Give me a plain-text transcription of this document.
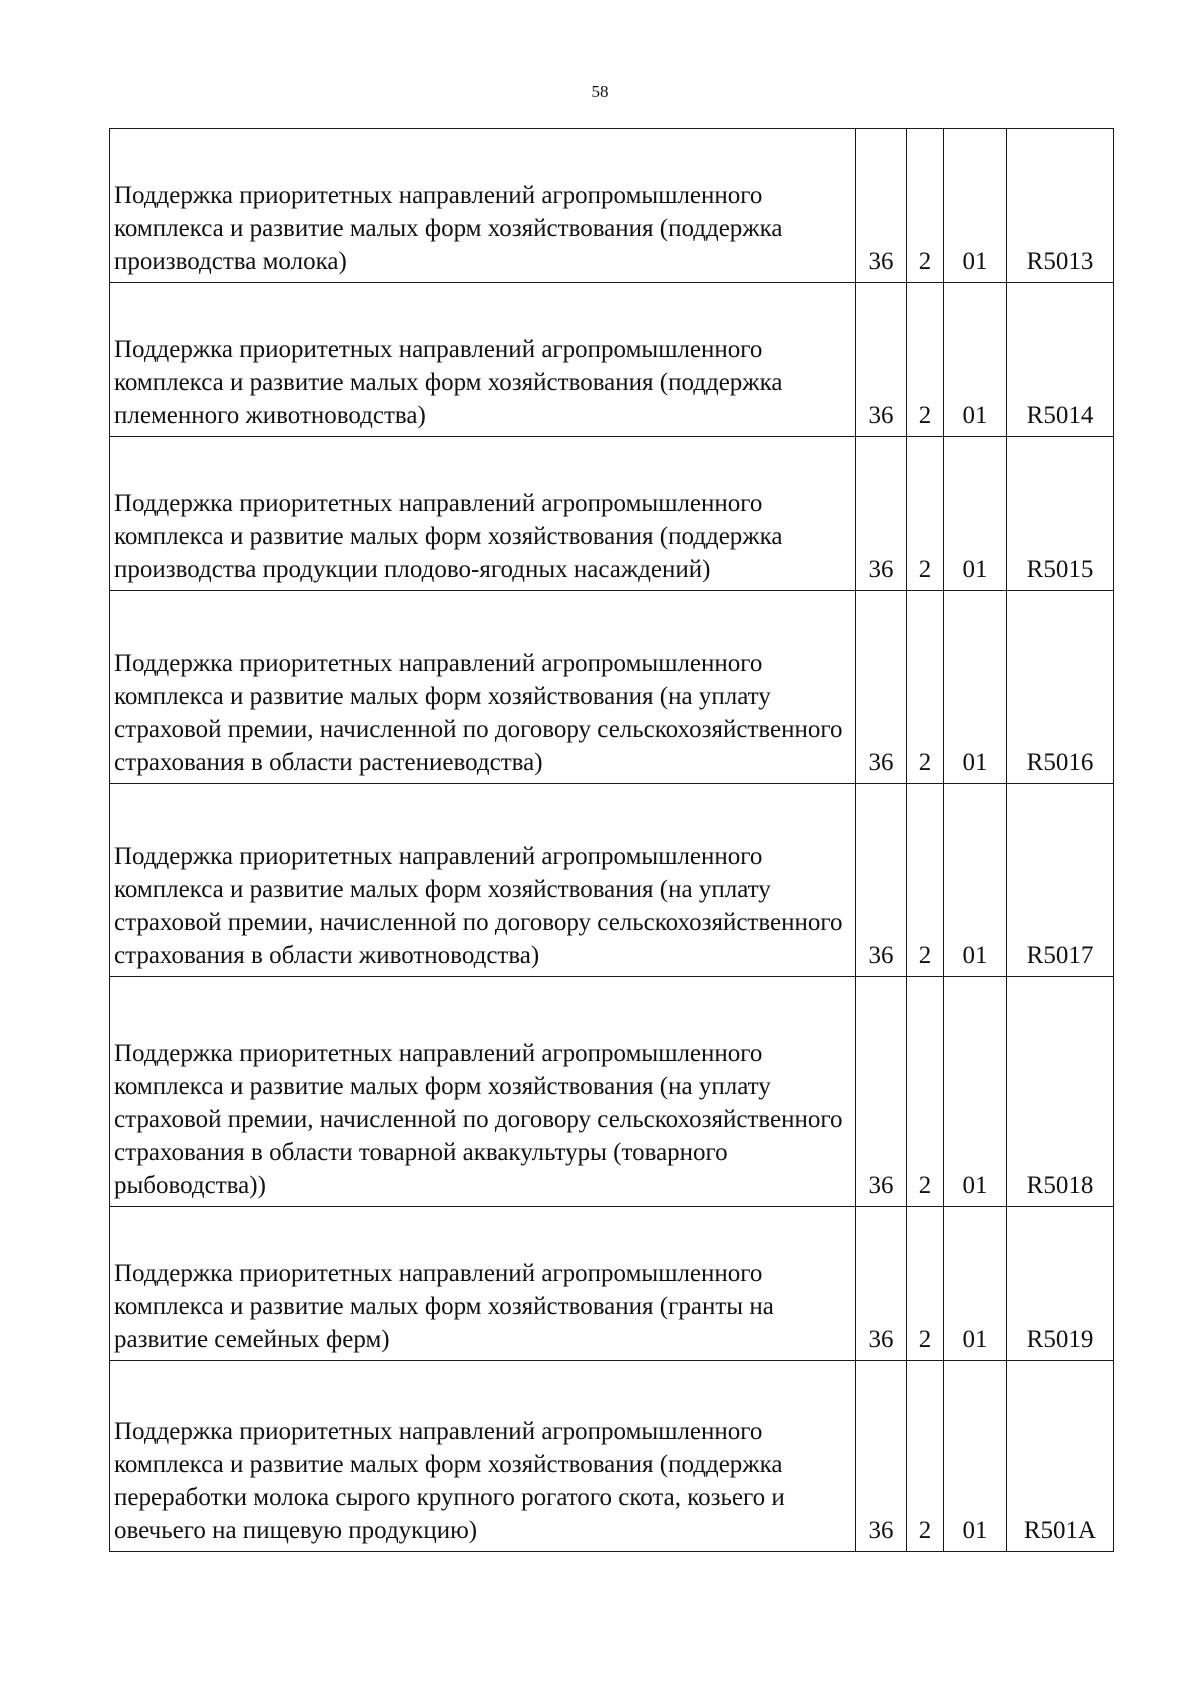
58
Поддержка приоритетных направлений агропромышленного комплекса и развитие малых форм хозяйствования (поддержка производства молока)	36	2	01	R5013
Поддержка приоритетных направлений агропромышленного комплекса и развитие малых форм хозяйствования (поддержка племенного животноводства)	36	2	01	R5014
Поддержка приоритетных направлений агропромышленного комплекса и развитие малых форм хозяйствования (поддержка производства продукции плодово-ягодных насаждений)	36	2	01	R5015
Поддержка приоритетных направлений агропромышленного комплекса и развитие малых форм хозяйствования (на уплату страховой премии, начисленной по договору сельскохозяйственного страхования в области растениеводства)	36	2	01	R5016
Поддержка приоритетных направлений агропромышленного комплекса и развитие малых форм хозяйствования (на уплату страховой премии, начисленной по договору сельскохозяйственного страхования в области животноводства)	36	2	01	R5017
Поддержка приоритетных направлений агропромышленного комплекса и развитие малых форм хозяйствования (на уплату страховой премии, начисленной по договору сельскохозяйственного страхования в области товарной аквакультуры (товарного рыбоводства))	36	2	01	R5018
Поддержка приоритетных направлений агропромышленного комплекса и развитие малых форм хозяйствования (гранты на развитие семейных ферм)	36	2	01	R5019
Поддержка приоритетных направлений агропромышленного комплекса и развитие малых форм хозяйствования (поддержка переработки молока сырого крупного рогатого скота, козьего и овечьего на пищевую продукцию)	36	2	01	R501A
